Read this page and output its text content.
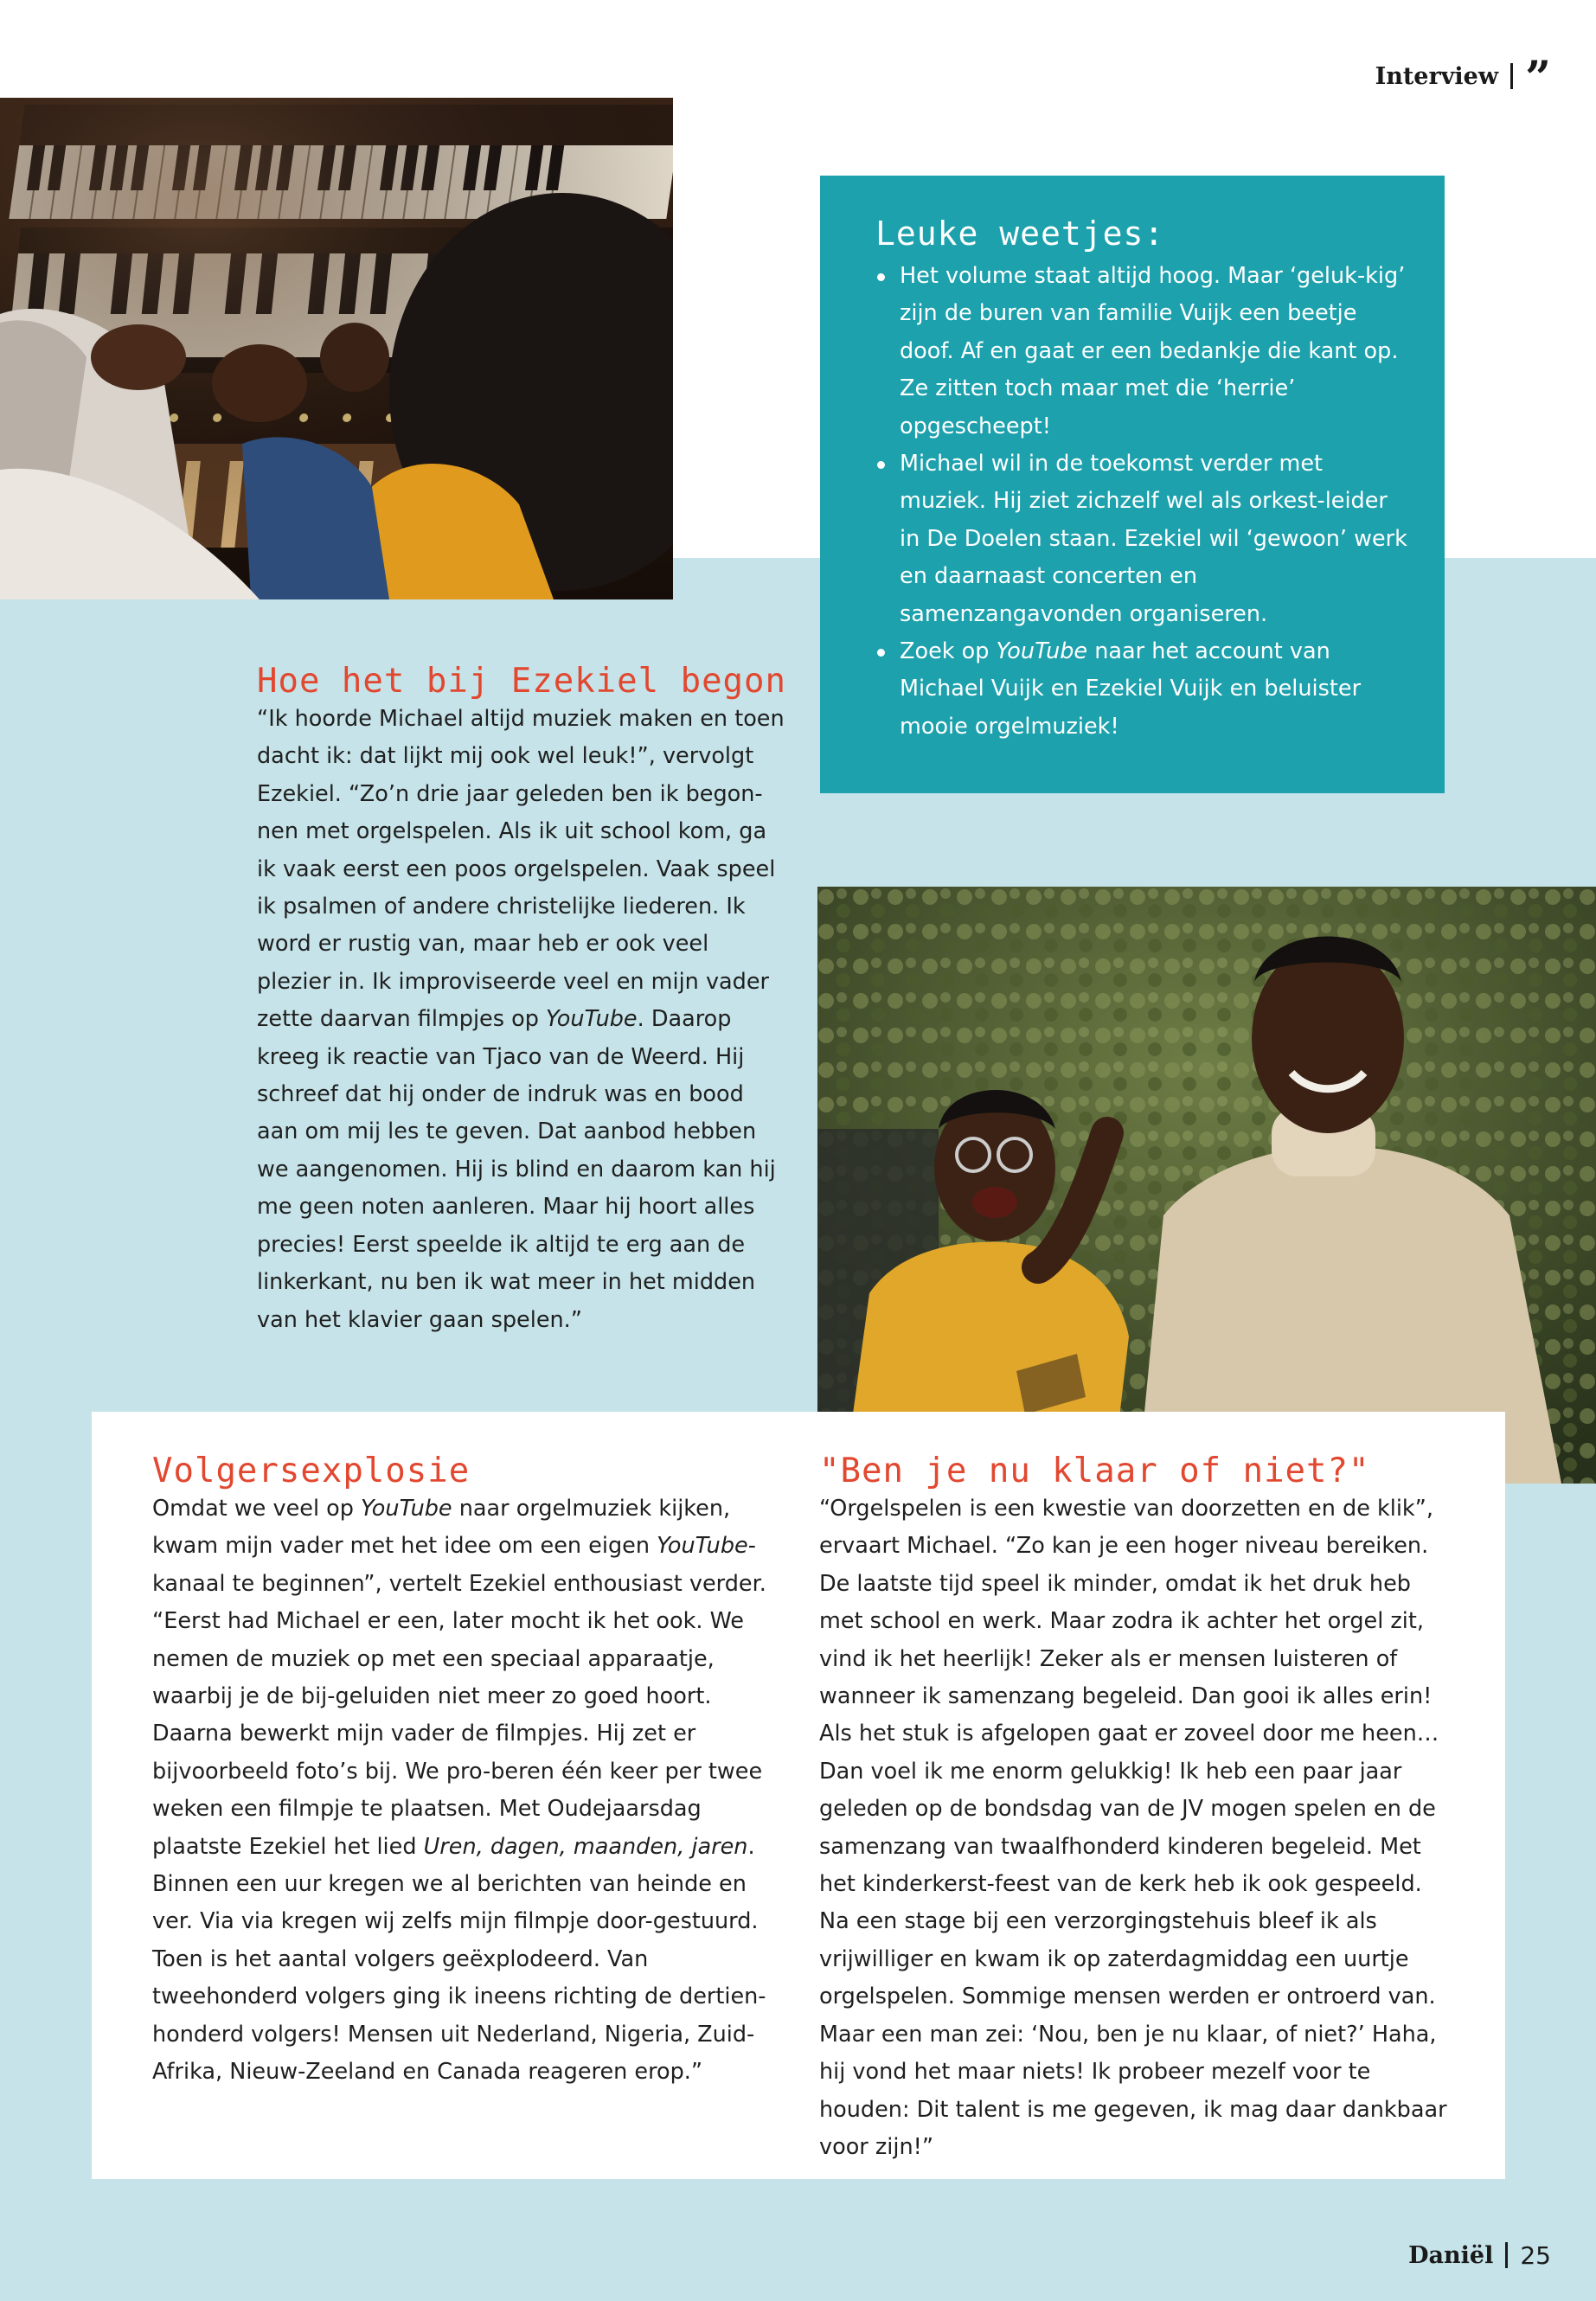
Interview ”
Leuke weetjes:
Het volume staat altijd hoog. Maar ‘geluk-kig’ zijn de buren van familie Vuijk een beetje doof. Af en gaat er een bedankje die kant op. Ze zitten toch maar met die ‘herrie’ opgescheept!
Michael wil in de toekomst verder met muziek. Hij ziet zichzelf wel als orkest-leider in De Doelen staan. Ezekiel wil ‘gewoon’ werk en daarnaast concerten en samenzangavonden organiseren.
Zoek op YouTube naar het account van Michael Vuijk en Ezekiel Vuijk en beluister mooie orgelmuziek!
Hoe het bij Ezekiel begon

“Ik hoorde Michael altijd muziek maken en toen dacht ik: dat lijkt mij ook wel leuk!”, vervolgt Ezekiel. “Zo’n drie jaar geleden ben ik begon-nen met orgelspelen. Als ik uit school kom, ga ik vaak eerst een poos orgelspelen. Vaak speel ik psalmen of andere christelijke liederen. Ik word er rustig van, maar heb er ook veel plezier in. Ik improviseerde veel en mijn vader zette daarvan filmpjes op YouTube. Daarop kreeg ik reactie van Tjaco van de Weerd. Hij schreef dat hij onder de indruk was en bood aan om mij les te geven. Dat aanbod hebben we aangenomen. Hij is blind en daarom kan hij me geen noten aanleren. Maar hij hoort alles precies! Eerst speelde ik altijd te erg aan de linkerkant, nu ben ik wat meer in het midden van het klavier gaan spelen.”

Volgersexplosie

Omdat we veel op YouTube naar orgelmuziek kijken, kwam mijn vader met het idee om een eigen YouTube-kanaal te beginnen”, vertelt Ezekiel enthousiast verder. “Eerst had Michael er een, later mocht ik het ook. We nemen de muziek op met een speciaal apparaatje, waarbij je de bij-geluiden niet meer zo goed hoort. Daarna bewerkt mijn vader de filmpjes. Hij zet er bijvoorbeeld foto’s bij. We pro-beren één keer per twee weken een filmpje te plaatsen. Met Oudejaarsdag plaatste Ezekiel het lied Uren, dagen, maanden, jaren. Binnen een uur kregen we al berichten van heinde en ver. Via via kregen wij zelfs mijn filmpje door-gestuurd. Toen is het aantal volgers geëxplodeerd. Van tweehonderd volgers ging ik ineens richting de dertien-honderd volgers! Mensen uit Nederland, Nigeria, Zuid-Afrika, Nieuw-Zeeland en Canada reageren erop.”

"Ben je nu klaar of niet?"

“Orgelspelen is een kwestie van doorzetten en de klik”, ervaart Michael. “Zo kan je een hoger niveau bereiken. De laatste tijd speel ik minder, omdat ik het druk heb met school en werk. Maar zodra ik achter het orgel zit, vind ik het heerlijk! Zeker als er mensen luisteren of wanneer ik samenzang begeleid. Dan gooi ik alles erin! Als het stuk is afgelopen gaat er zoveel door me heen… Dan voel ik me enorm gelukkig! Ik heb een paar jaar geleden op de bondsdag van de JV mogen spelen en de samenzang van twaalfhonderd kinderen begeleid. Met het kinderkerst-feest van de kerk heb ik ook gespeeld. Na een stage bij een verzorgingstehuis bleef ik als vrijwilliger en kwam ik op zaterdagmiddag een uurtje orgelspelen. Sommige mensen werden er ontroerd van. Maar een man zei: ‘Nou, ben je nu klaar, of niet?’ Haha, hij vond het maar niets! Ik probeer mezelf voor te houden: Dit talent is me gegeven, ik mag daar dankbaar voor zijn!”

Daniël 25
